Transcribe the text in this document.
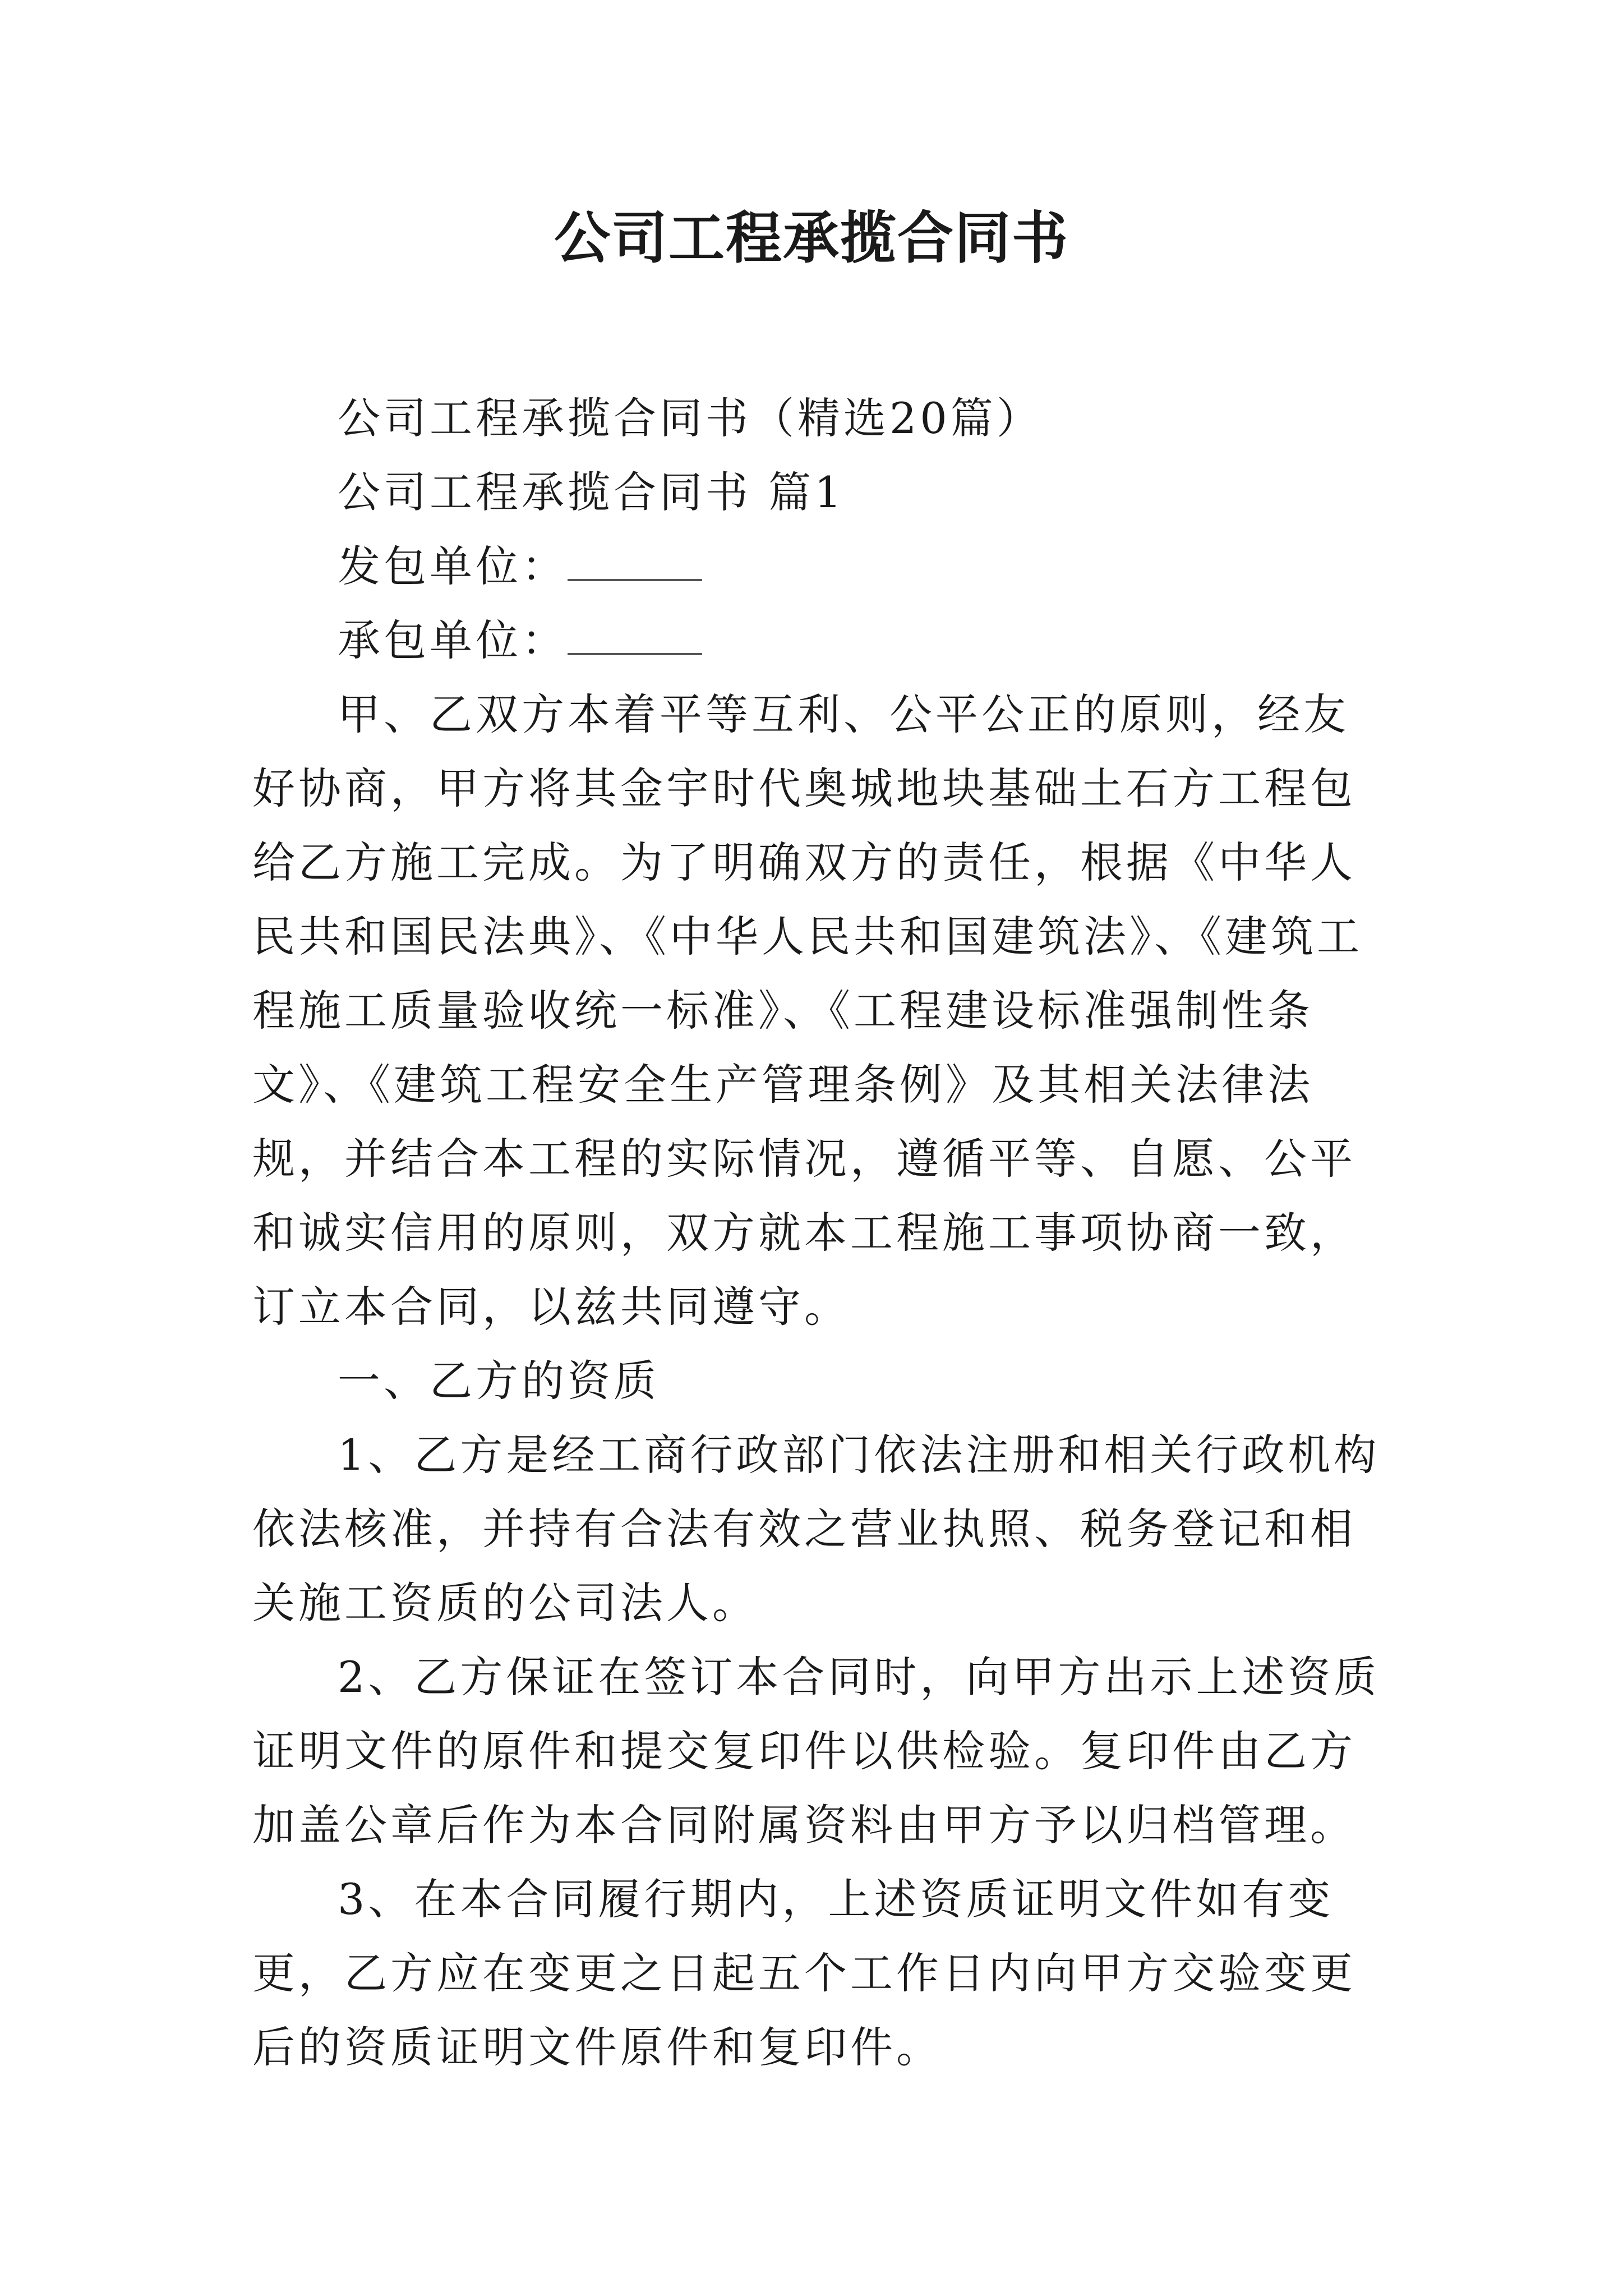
公司工程承揽合同书

公司工程承揽合同书（精选20篇）

公司工程承揽合同书 篇1

发包单位：

承包单位：

甲、乙双方本着平等互利、公平公正的原则，经友好协商，甲方将其金宇时代奥城地块基础土石方工程包给乙方施工完成。为了明确双方的责任，根据《中华人民共和国民法典》、《中华人民共和国建筑法》、《建筑工程施工质量验收统一标准》、《工程建设标准强制性条文》、《建筑工程安全生产管理条例》及其相关法律法规，并结合本工程的实际情况，遵循平等、自愿、公平和诚实信用的原则，双方就本工程施工事项协商一致，订立本合同，以兹共同遵守。

一、乙方的资质

1、乙方是经工商行政部门依法注册和相关行政机构依法核准，并持有合法有效之营业执照、税务登记和相关施工资质的公司法人。

2、乙方保证在签订本合同时，向甲方出示上述资质证明文件的原件和提交复印件以供检验。复印件由乙方加盖公章后作为本合同附属资料由甲方予以归档管理。

3、在本合同履行期内，上述资质证明文件如有变更，乙方应在变更之日起五个工作日内向甲方交验变更后的资质证明文件原件和复印件。
